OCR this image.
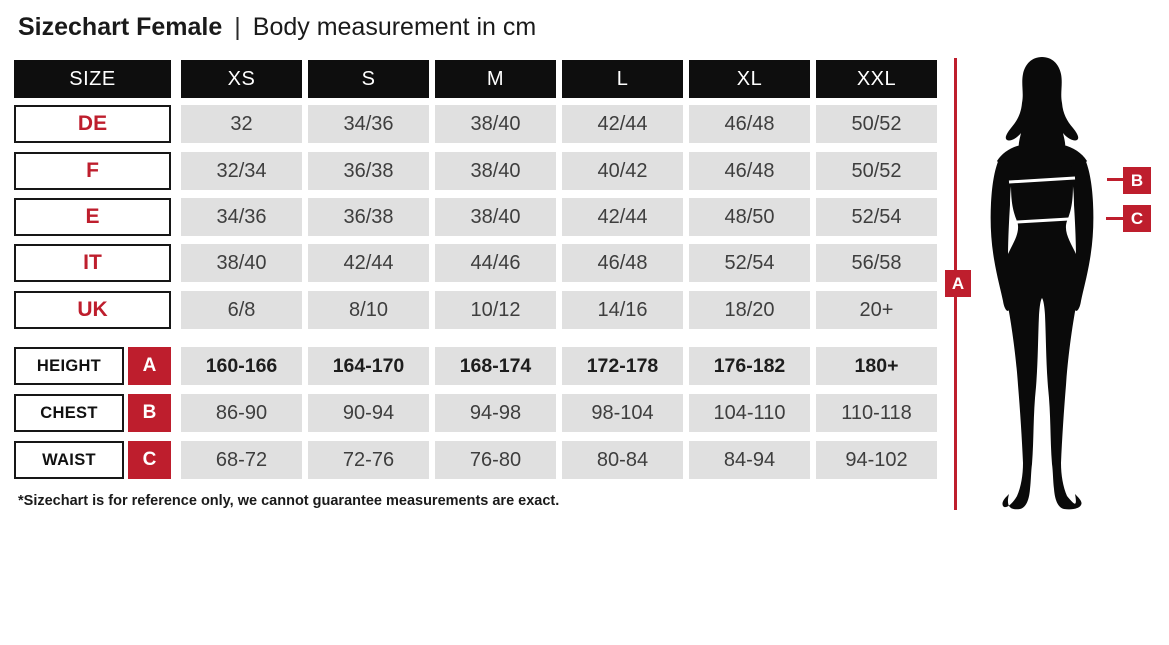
Sizechart Female | Body measurement in cm
SIZE	XS	S	M	L	XL	XXL
DE	32	34/36	38/40	42/44	46/48	50/52
F	32/34	36/38	38/40	40/42	46/48	50/52
E	34/36	36/38	38/40	42/44	48/50	52/54
IT	38/40	42/44	44/46	46/48	52/54	56/58
UK	6/8	8/10	10/12	14/16	18/20	20+
HEIGHT	A	160-166	164-170	168-174	172-178	176-182	180+
CHEST	B	86-90	90-94	94-98	98-104	104-110	110-118
WAIST	C	68-72	72-76	76-80	80-84	84-94	94-102
*Sizechart is for reference only, we cannot guarantee measurements are exact.
A
B
C
